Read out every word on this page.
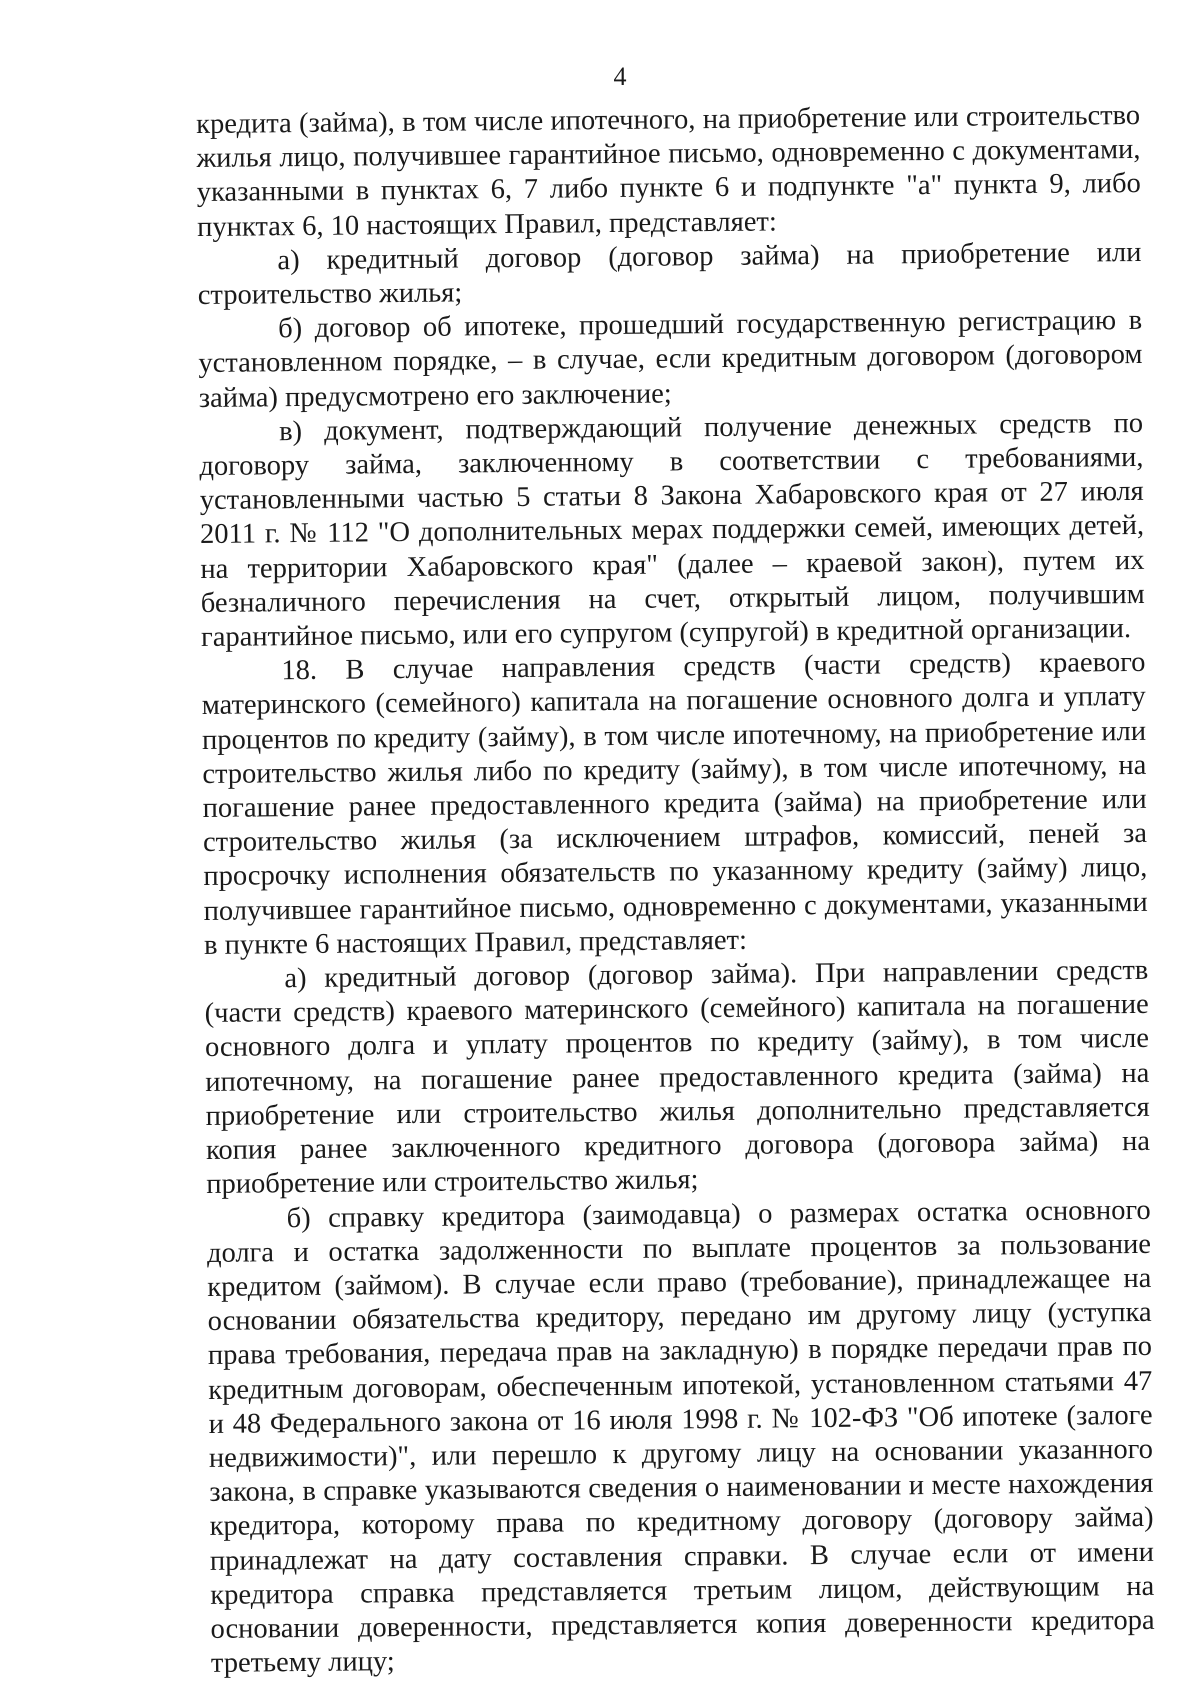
4

кредита (займа), в том числе ипотечного, на приобретение или строительство жилья лицо, получившее гарантийное письмо, одновременно с документами, указанными в пунктах 6, 7 либо пункте 6 и подпункте "а" пункта 9, либо пунктах 6, 10 настоящих Правил, представляет:

а) кредитный договор (договор займа) на приобретение или строительство жилья;

б) договор об ипотеке, прошедший государственную регистрацию в установленном порядке, – в случае, если кредитным договором (договором займа) предусмотрено его заключение;

в) документ, подтверждающий получение денежных средств по договору займа, заключенному в соответствии с требованиями, установленными частью 5 статьи 8 Закона Хабаровского края от 27 июля 2011 г. № 112 "О дополнительных мерах поддержки семей, имеющих детей, на территории Хабаровского края" (далее – краевой закон), путем их безналичного перечисления на счет, открытый лицом, получившим гарантийное письмо, или его супругом (супругой) в кредитной организации.

18. В случае направления средств (части средств) краевого материнского (семейного) капитала на погашение основного долга и уплату процентов по кредиту (займу), в том числе ипотечному, на приобретение или строительство жилья либо по кредиту (займу), в том числе ипотечному, на погашение ранее предоставленного кредита (займа) на приобретение или строительство жилья (за исключением штрафов, комиссий, пеней за просрочку исполнения обязательств по указанному кредиту (займу) лицо, получившее гарантийное письмо, одновременно с документами, указанными в пункте 6 настоящих Правил, представляет:

а) кредитный договор (договор займа). При направлении средств (части средств) краевого материнского (семейного) капитала на погашение основного долга и уплату процентов по кредиту (займу), в том числе ипотечному, на погашение ранее предоставленного кредита (займа) на приобретение или строительство жилья дополнительно представляется копия ранее заключенного кредитного договора (договора займа) на приобретение или строительство жилья;

б) справку кредитора (заимодавца) о размерах остатка основного долга и остатка задолженности по выплате процентов за пользование кредитом (займом). В случае если право (требование), принадлежащее на основании обязательства кредитору, передано им другому лицу (уступка права требования, передача прав на закладную) в порядке передачи прав по кредитным договорам, обеспеченным ипотекой, установленном статьями 47 и 48 Федерального закона от 16 июля 1998 г. № 102-ФЗ "Об ипотеке (залоге недвижимости)", или перешло к другому лицу на основании указанного закона, в справке указываются сведения о наименовании и месте нахождения кредитора, которому права по кредитному договору (договору займа) принадлежат на дату составления справки. В случае если от имени кредитора справка представляется третьим лицом, действующим на основании доверенности, представляется копия доверенности кредитора третьему лицу;
